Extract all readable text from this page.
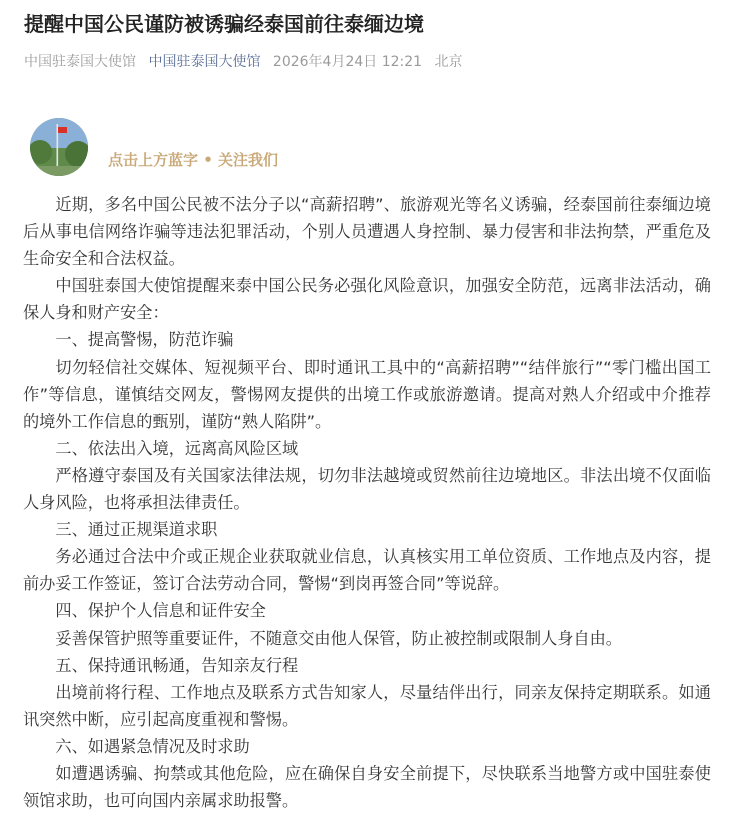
提醒中国公民谨防被诱骗经泰国前往泰缅边境
中国驻泰国大使馆 中国驻泰国大使馆 2026年4月24日 12:21 北京
点击上方蓝字 • 关注我们

近期，多名中国公民被不法分子以“高薪招聘”、旅游观光等名义诱骗，经泰国前往泰缅边境后从事电信网络诈骗等违法犯罪活动，个别人员遭遇人身控制、暴力侵害和非法拘禁，严重危及生命安全和合法权益。

中国驻泰国大使馆提醒来泰中国公民务必强化风险意识，加强安全防范，远离非法活动，确保人身和财产安全：

一、提高警惕，防范诈骗

切勿轻信社交媒体、短视频平台、即时通讯工具中的“高薪招聘”“结伴旅行”“零门槛出国工作”等信息，谨慎结交网友，警惕网友提供的出境工作或旅游邀请。提高对熟人介绍或中介推荐的境外工作信息的甄别，谨防“熟人陷阱”。

二、依法出入境，远离高风险区域

严格遵守泰国及有关国家法律法规，切勿非法越境或贸然前往边境地区。非法出境不仅面临人身风险，也将承担法律责任。

三、通过正规渠道求职

务必通过合法中介或正规企业获取就业信息，认真核实用工单位资质、工作地点及内容，提前办妥工作签证，签订合法劳动合同，警惕“到岗再签合同”等说辞。

四、保护个人信息和证件安全

妥善保管护照等重要证件，不随意交由他人保管，防止被控制或限制人身自由。

五、保持通讯畅通，告知亲友行程

出境前将行程、工作地点及联系方式告知家人，尽量结伴出行，同亲友保持定期联系。如通讯突然中断，应引起高度重视和警惕。

六、如遇紧急情况及时求助

如遭遇诱骗、拘禁或其他危险，应在确保自身安全前提下，尽快联系当地警方或中国驻泰使领馆求助，也可向国内亲属求助报警。
